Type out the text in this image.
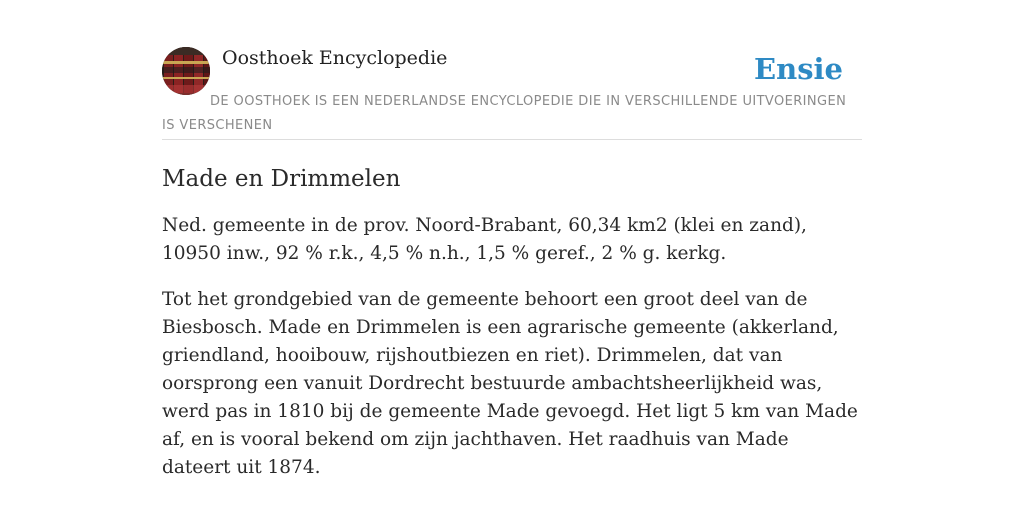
Oosthoek Encyclopedie	Ensie
DE OOSTHOEK IS EEN NEDERLANDSE ENCYCLOPEDIE DIE IN VERSCHILLENDE UITVOERINGEN IS VERSCHENEN
Made en Drimmelen

Ned. gemeente in de prov. Noord-Brabant, 60,34 km2 (klei en zand), 10950 inw., 92 % r.k., 4,5 % n.h., 1,5 % geref., 2 % g. kerkg.

Tot het grondgebied van de gemeente behoort een groot deel van de Biesbosch. Made en Drimmelen is een agrarische gemeente (akkerland, griendland, hooibouw, rijshoutbiezen en riet). Drimmelen, dat van oorsprong een vanuit Dordrecht bestuurde ambachtsheerlijkheid was, werd pas in 1810 bij de gemeente Made gevoegd. Het ligt 5 km van Made af, en is vooral bekend om zijn jachthaven. Het raadhuis van Made dateert uit 1874.
